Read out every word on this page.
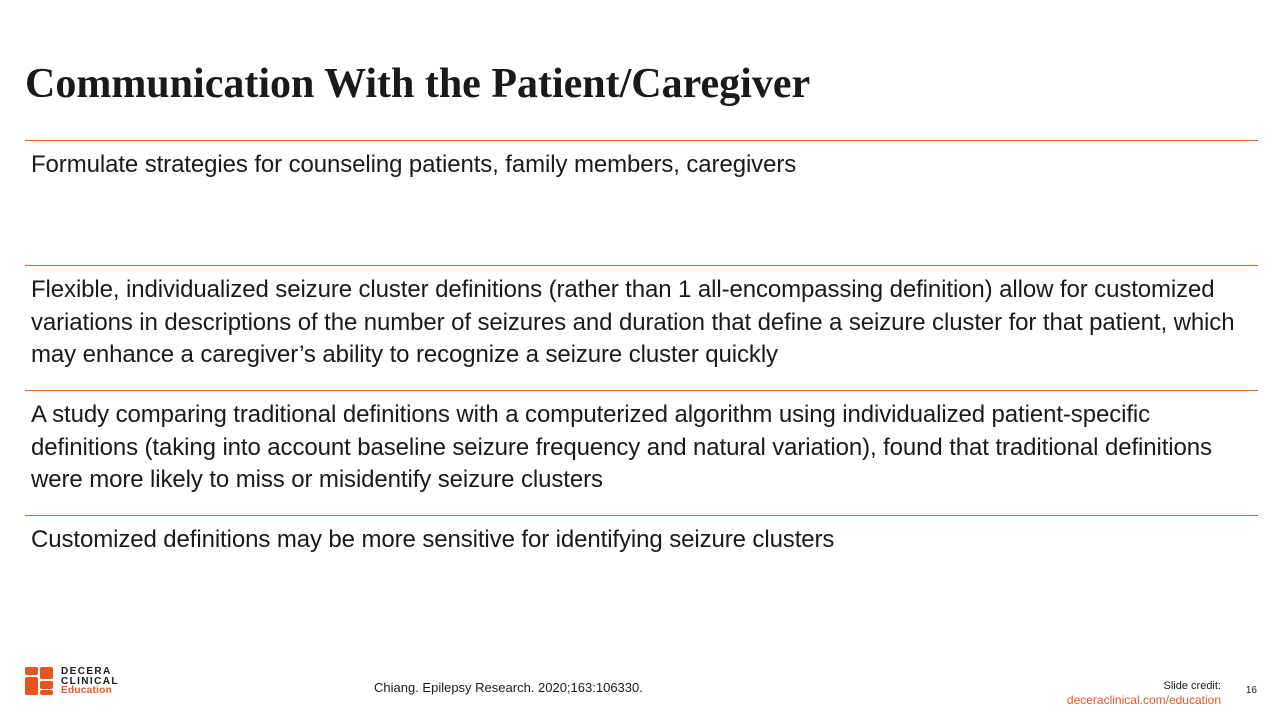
Communication With the Patient/Caregiver
Formulate strategies for counseling patients, family members, caregivers
Flexible, individualized seizure cluster definitions (rather than 1 all-encompassing definition) allow for customized variations in descriptions of the number of seizures and duration that define a seizure cluster for that patient, which may enhance a caregiver’s ability to recognize a seizure cluster quickly
A study comparing traditional definitions with a computerized algorithm using individualized patient-specific definitions (taking into account baseline seizure frequency and natural variation), found that traditional definitions were more likely to miss or misidentify seizure clusters
Customized definitions may be more sensitive for identifying seizure clusters
DECERA
CLINICAL
Education	Chiang. Epilepsy Research. 2020;163:106330.	Slide credit:
deceraclinical.com/education
16
